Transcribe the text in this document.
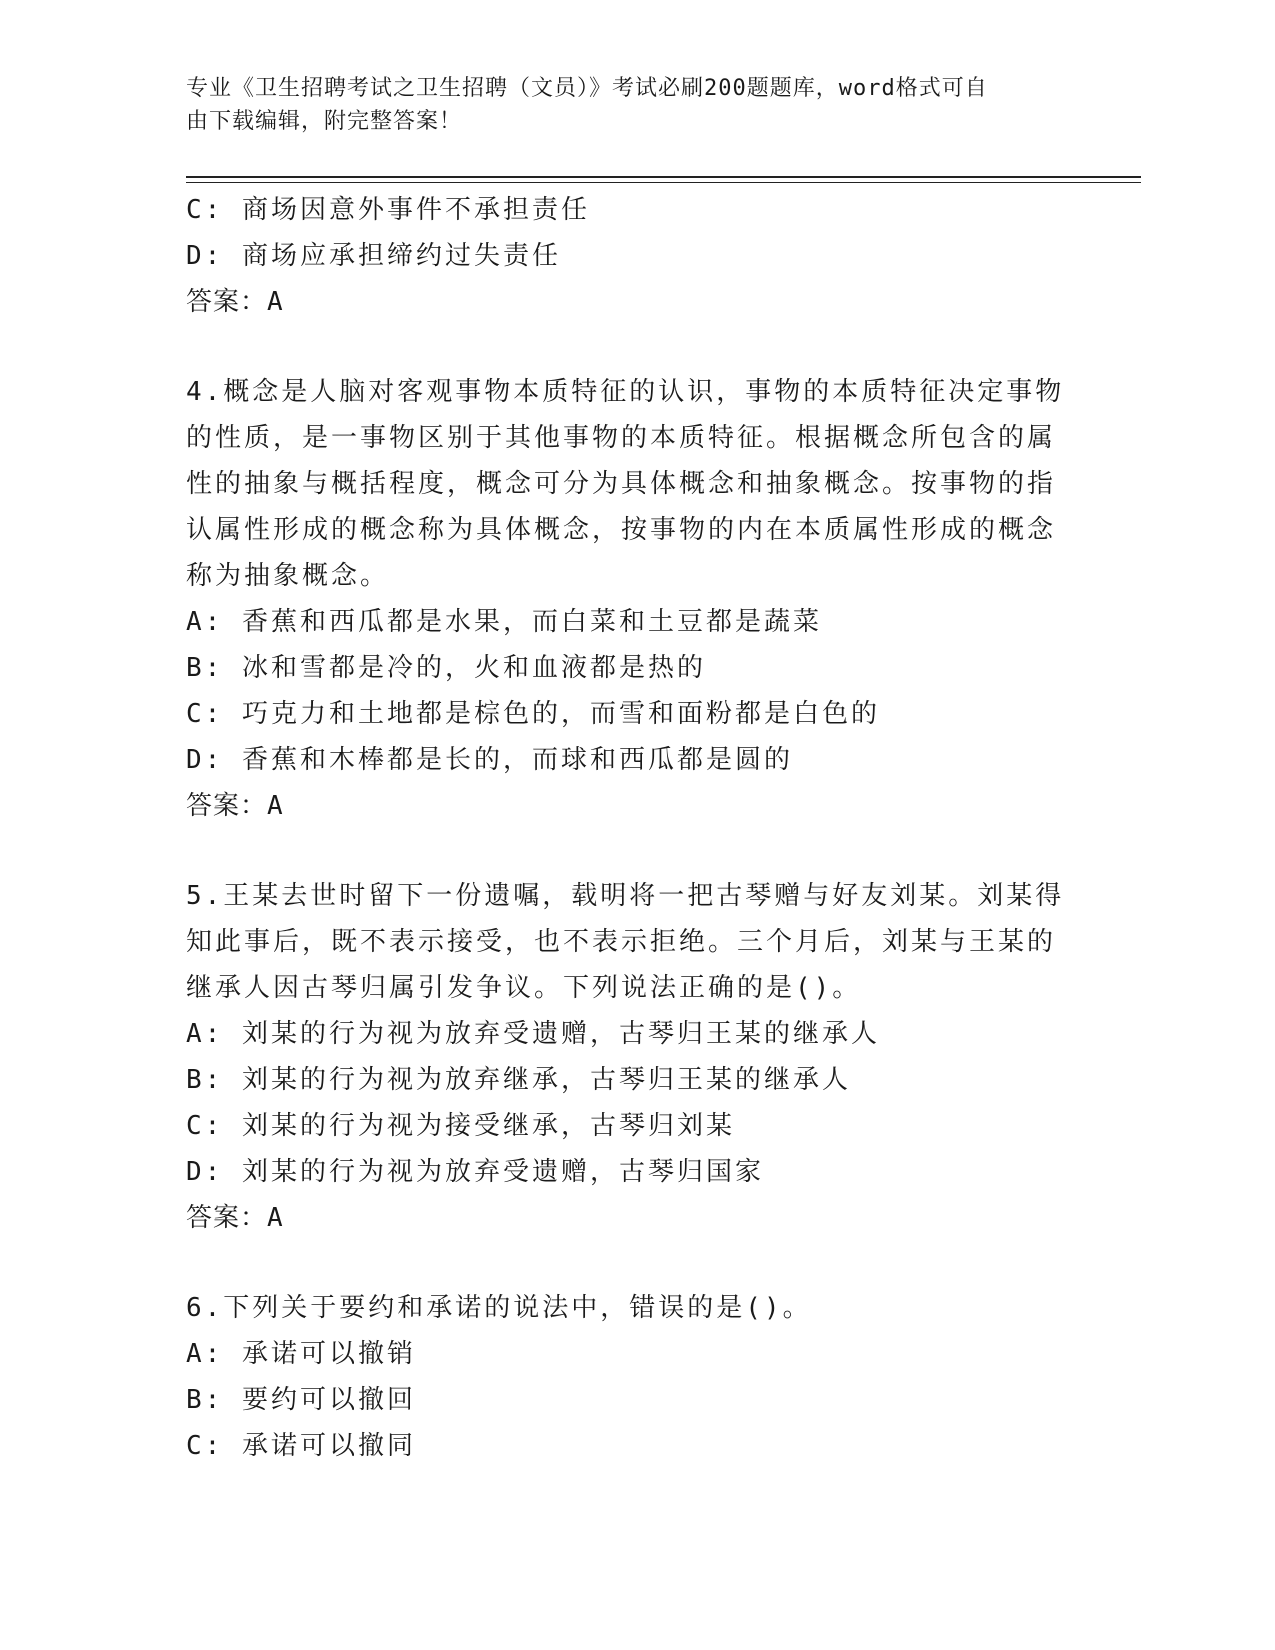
专业《卫生招聘考试之卫生招聘（文员）》考试必刷200题题库，word格式可自
由下载编辑，附完整答案！
C: 商场因意外事件不承担责任
D: 商场应承担缔约过失责任
答案：A
4.概念是人脑对客观事物本质特征的认识，事物的本质特征决定事物
的性质，是一事物区别于其他事物的本质特征。根据概念所包含的属
性的抽象与概括程度，概念可分为具体概念和抽象概念。按事物的指
认属性形成的概念称为具体概念，按事物的内在本质属性形成的概念
称为抽象概念。
A: 香蕉和西瓜都是水果，而白菜和土豆都是蔬菜
B: 冰和雪都是冷的，火和血液都是热的
C: 巧克力和土地都是棕色的，而雪和面粉都是白色的
D: 香蕉和木棒都是长的，而球和西瓜都是圆的
答案：A
5.王某去世时留下一份遗嘱，载明将一把古琴赠与好友刘某。刘某得
知此事后，既不表示接受，也不表示拒绝。三个月后，刘某与王某的
继承人因古琴归属引发争议。下列说法正确的是()。
A: 刘某的行为视为放弃受遗赠，古琴归王某的继承人
B: 刘某的行为视为放弃继承，古琴归王某的继承人
C: 刘某的行为视为接受继承，古琴归刘某
D: 刘某的行为视为放弃受遗赠，古琴归国家
答案：A
6.下列关于要约和承诺的说法中，错误的是()。
A: 承诺可以撤销
B: 要约可以撤回
C: 承诺可以撤同
